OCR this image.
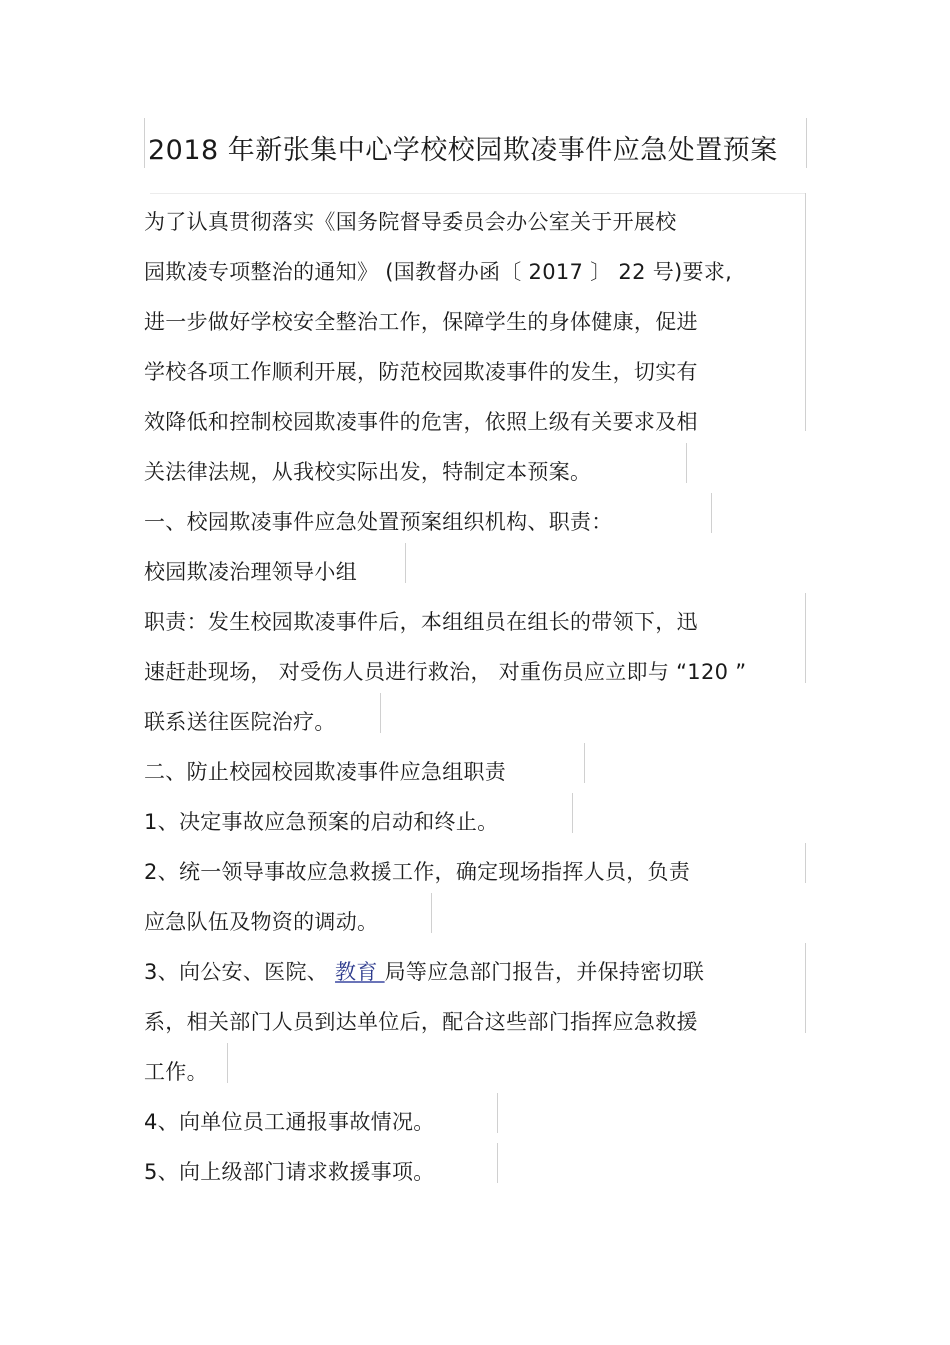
2018 年新张集中心学校校园欺凌事件应急处置预案
为了认真贯彻落实《国务院督导委员会办公室关于开展校
园欺凌专项整治的通知》 (国教督办函〔 2017 〕 22 号)要求,
进一步做好学校安全整治工作，保障学生的身体健康，促进
学校各项工作顺利开展，防范校园欺凌事件的发生，切实有
效降低和控制校园欺凌事件的危害，依照上级有关要求及相
关法律法规，从我校实际出发，特制定本预案。
一、校园欺凌事件应急处置预案组织机构、职责：
校园欺凌治理领导小组
职责：发生校园欺凌事件后，本组组员在组长的带领下，迅
速赶赴现场， 对受伤人员进行救治， 对重伤员应立即与 “120 ”
联系送往医院治疗。
二、防止校园校园欺凌事件应急组职责
1、决定事故应急预案的启动和终止。
2、统一领导事故应急救援工作，确定现场指挥人员，负责
应急队伍及物资的调动。
3、向公安、医院、 教育 局等应急部门报告，并保持密切联
系，相关部门人员到达单位后，配合这些部门指挥应急救援
工作。
4、向单位员工通报事故情况。
5、向上级部门请求救援事项。
